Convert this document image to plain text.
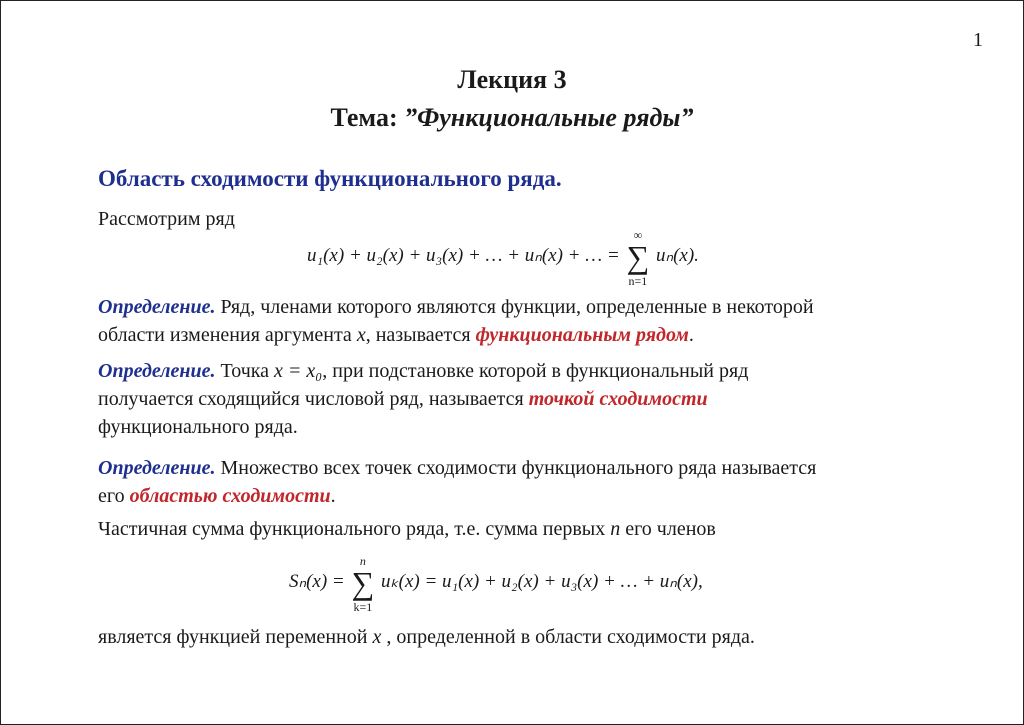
1
Лекция 3
Тема: ”Функциональные ряды”
Область сходимости функционального ряда.
Рассмотрим ряд
u₁(x) + u₂(x) + u₃(x) + … + uₙ(x) + … = ∑
∞
n=1
uₙ(x).
Определение. Ряд, членами которого являются функции, определенные в некоторой
области изменения аргумента x, называется функциональным рядом.
Определение. Точка x = x₀, при подстановке которой в функциональный ряд
получается сходящийся числовой ряд, называется точкой сходимости
функционального ряда.
Определение. Множество всех точек сходимости функционального ряда называется
его областью сходимости.
Частичная сумма функционального ряда, т.е. сумма первых n его членов
Sₙ(x) = ∑
n
k=1
uₖ(x) = u₁(x) + u₂(x) + u₃(x) + … + uₙ(x),
является функцией переменной x , определенной в области сходимости ряда.
